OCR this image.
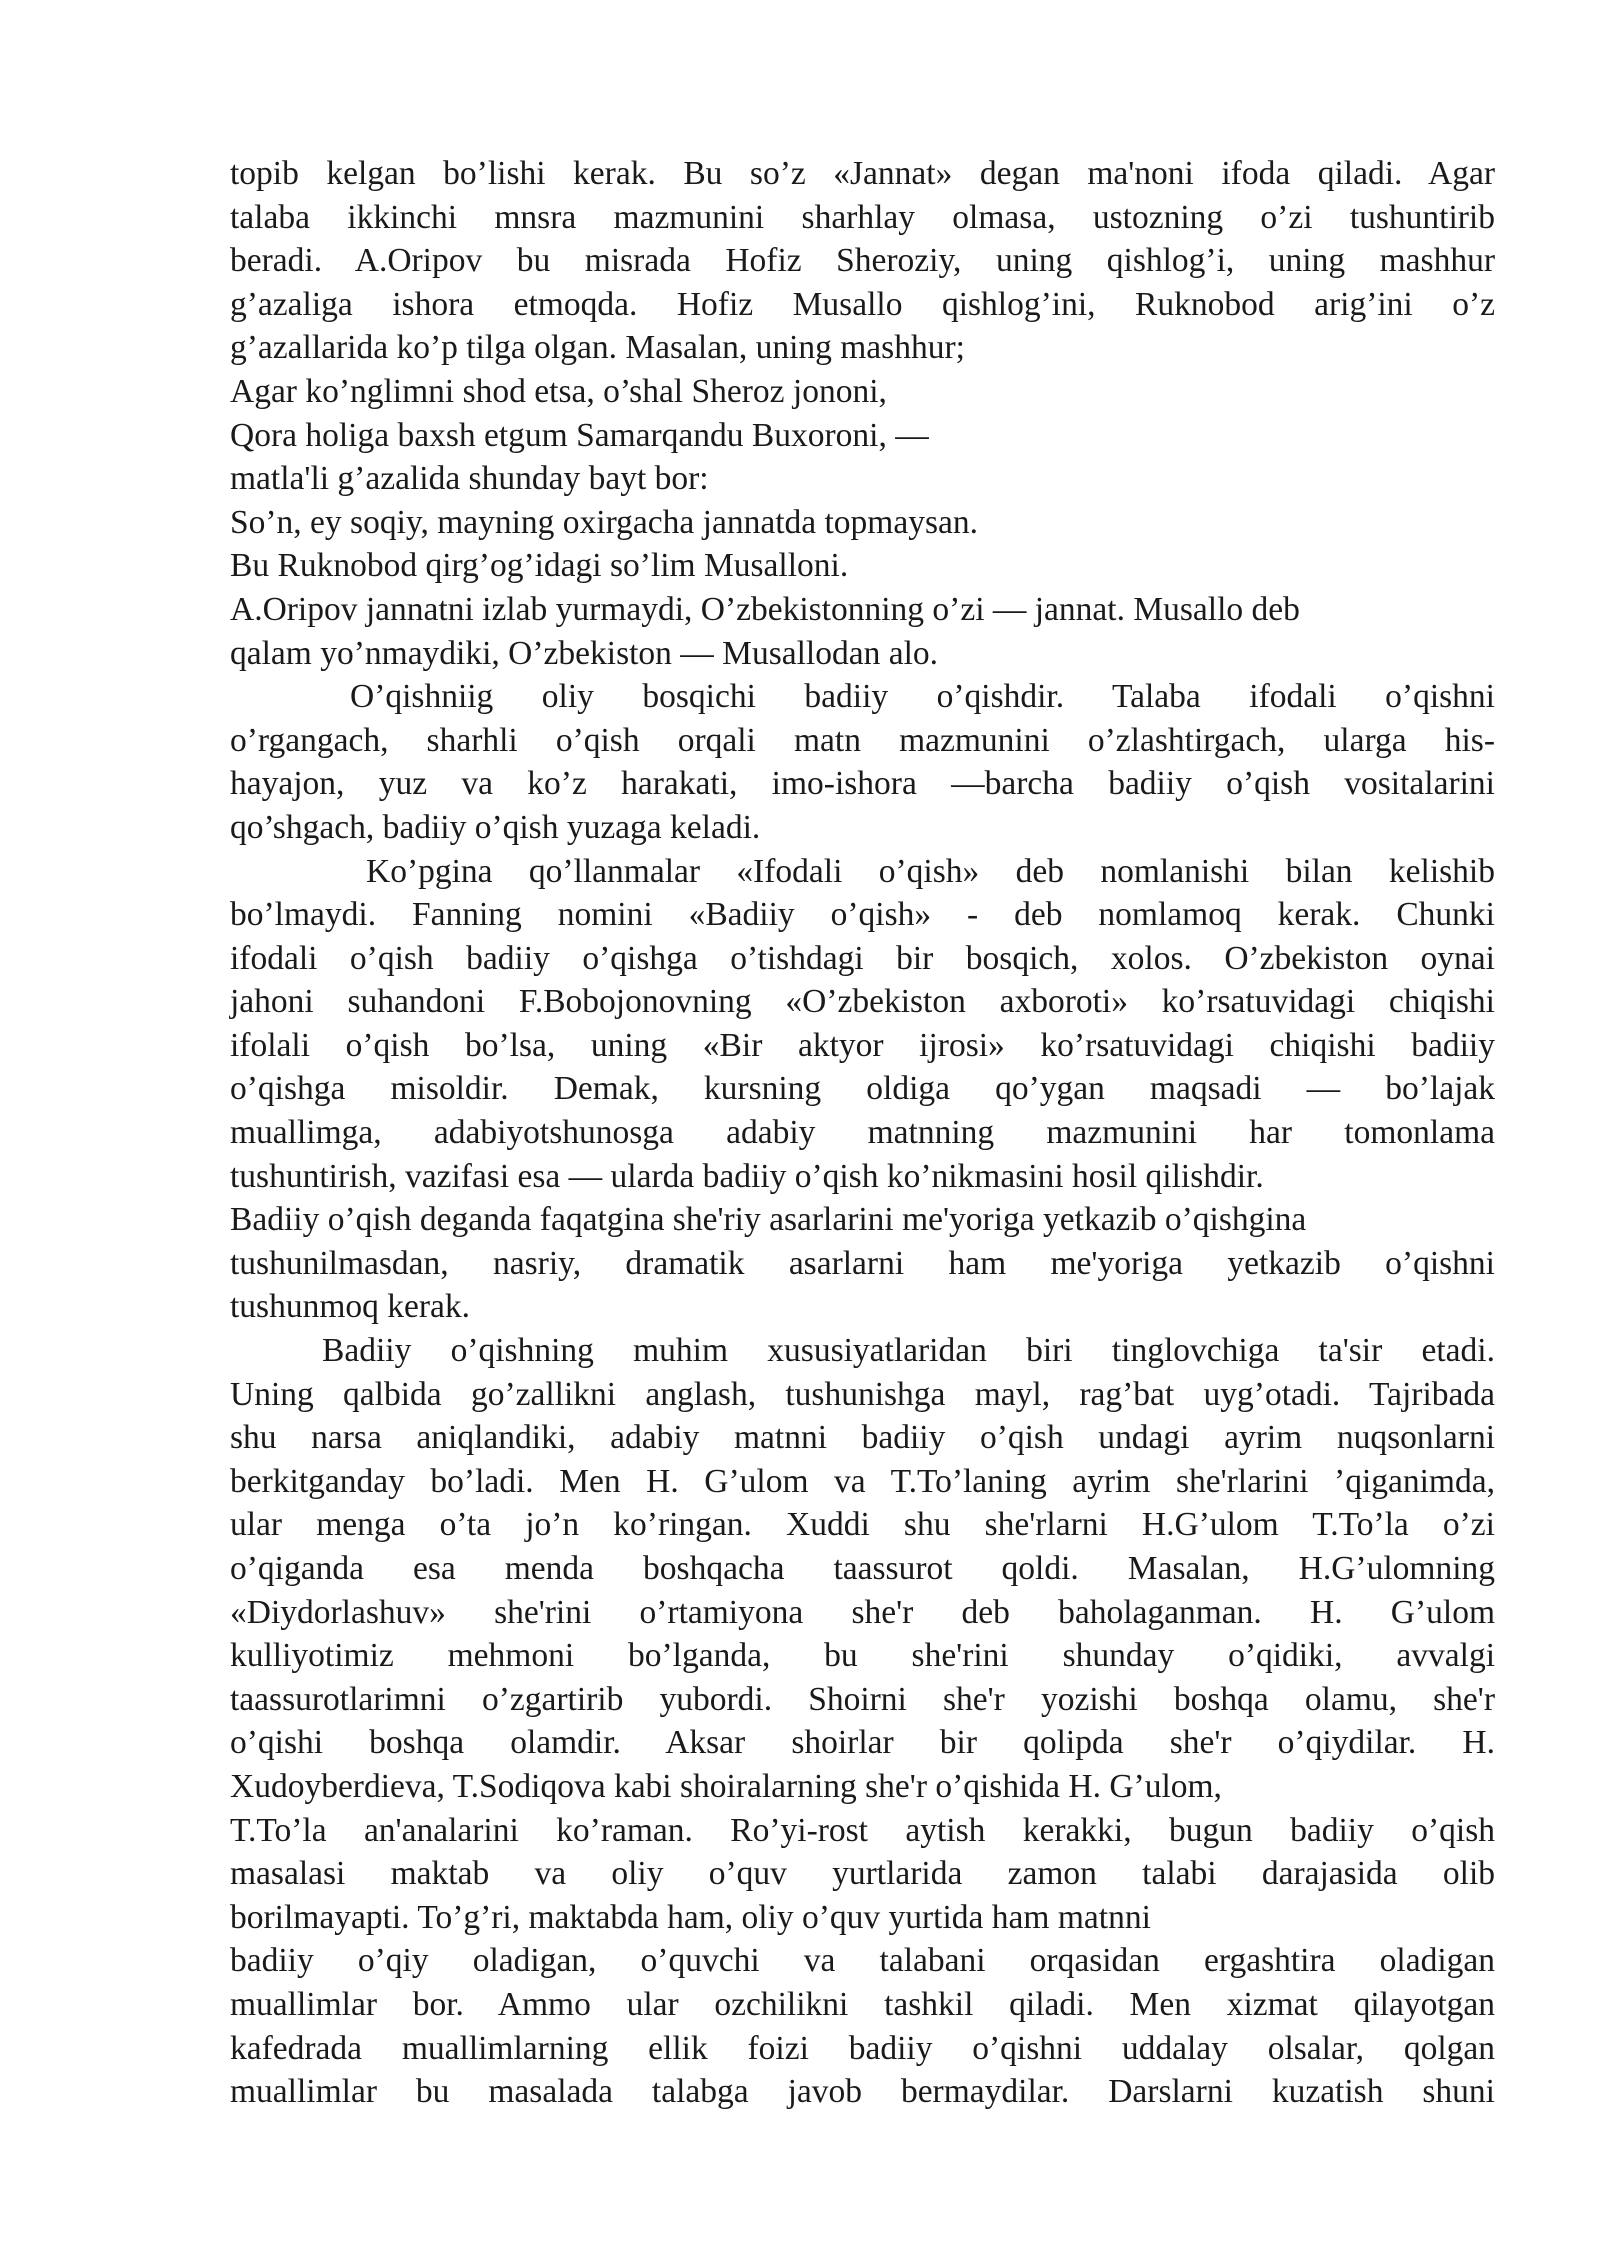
topib kelgan bo’lishi kerak. Bu so’z «Jannat» degan ma'noni ifoda qiladi. Agar
talaba ikkinchi mnsra mazmunini sharhlay olmasa, ustozning o’zi tushuntirib
beradi. A.Oripov bu misrada Hofiz Sheroziy, uning qishlog’i, uning mashhur
g’azaliga ishora etmoqda. Hofiz Musallo qishlog’ini, Ruknobod arig’ini o’z
g’azallarida ko’p tilga olgan. Masalan, uning mashhur;
Agar ko’nglimni shod etsa, o’shal Sheroz jononi,
Qora holiga baxsh etgum Samarqandu Buxoroni, —
matla'li g’azalida shunday bayt bor:
So’n, ey soqiy, mayning oxirgacha jannatda topmaysan.
Bu Ruknobod qirg’og’idagi so’lim Musalloni.
A.Oripov jannatni izlab yurmaydi, O’zbekistonning o’zi — jannat. Musallo deb
qalam yo’nmaydiki, O’zbekiston — Musallodan alo.
O’qishniig oliy bosqichi badiiy o’qishdir. Talaba ifodali o’qishni
o’rgangach, sharhli o’qish orqali matn mazmunini o’zlashtirgach, ularga his-
hayajon, yuz va ko’z harakati, imo-ishora —barcha badiiy o’qish vositalarini
qo’shgach, badiiy o’qish yuzaga keladi.
Ko’pgina qo’llanmalar «Ifodali o’qish» deb nomlanishi bilan kelishib
bo’lmaydi. Fanning nomini «Badiiy o’qish» - deb nomlamoq kerak. Chunki
ifodali o’qish badiiy o’qishga o’tishdagi bir bosqich, xolos. O’zbekiston oynai
jahoni suhandoni F.Bobojonovning «O’zbekiston axboroti» ko’rsatuvidagi chiqishi
ifolali o’qish bo’lsa, uning «Bir aktyor ijrosi» ko’rsatuvidagi chiqishi badiiy
o’qishga misoldir. Demak, kursning oldiga qo’ygan maqsadi — bo’lajak
muallimga, adabiyotshunosga adabiy matnning mazmunini har tomonlama
tushuntirish, vazifasi esa — ularda badiiy o’qish ko’nikmasini hosil qilishdir.
Badiiy o’qish deganda faqatgina she'riy asarlarini me'yoriga yetkazib o’qishgina
tushunilmasdan, nasriy, dramatik asarlarni ham me'yoriga yetkazib o’qishni
tushunmoq kerak.
Badiiy o’qishning muhim xususiyatlaridan biri tinglovchiga ta'sir etadi.
Uning qalbida go’zallikni anglash, tushunishga mayl, rag’bat uyg’otadi. Tajribada
shu narsa aniqlandiki, adabiy matnni badiiy o’qish undagi ayrim nuqsonlarni
berkitganday bo’ladi. Men H. G’ulom va T.To’laning ayrim she'rlarini ’qiganimda,
ular menga o’ta jo’n ko’ringan. Xuddi shu she'rlarni H.G’ulom T.To’la o’zi
o’qiganda esa menda boshqacha taassurot qoldi. Masalan, H.G’ulomning
«Diydorlashuv» she'rini o’rtamiyona she'r deb baholaganman. H. G’ulom
kulliyotimiz mehmoni bo’lganda, bu she'rini shunday o’qidiki, avvalgi
taassurotlarimni o’zgartirib yubordi. Shoirni she'r yozishi boshqa olamu, she'r
o’qishi boshqa olamdir. Aksar shoirlar bir qolipda she'r o’qiydilar. H.
Xudoyberdieva, T.Sodiqova kabi shoiralarning she'r o’qishida H. G’ulom,
T.To’la an'analarini ko’raman. Ro’yi-rost aytish kerakki, bugun badiiy o’qish
masalasi maktab va oliy o’quv yurtlarida zamon talabi darajasida olib
borilmayapti. To’g’ri, maktabda ham, oliy o’quv yurtida ham matnni
badiiy o’qiy oladigan, o’quvchi va talabani orqasidan ergashtira oladigan
muallimlar bor. Ammo ular ozchilikni tashkil qiladi. Men xizmat qilayotgan
kafedrada muallimlarning ellik foizi badiiy o’qishni uddalay olsalar, qolgan
muallimlar bu masalada talabga javob bermaydilar. Darslarni kuzatish shuni
